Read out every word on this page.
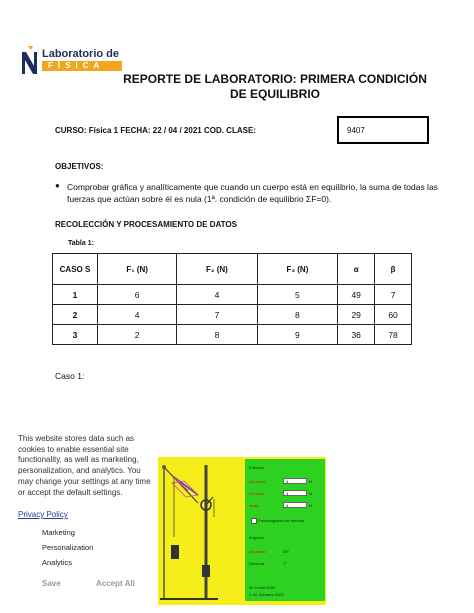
Laboratorio de
FÍSICA
REPORTE DE LABORATORIO: PRIMERA CONDICIÓN DE EQUILIBRIO
CURSO: Física 1 FECHA: 22 / 04 / 2021 COD. CLASE:	9407
OBJETIVOS:
● Comprobar gráfica y analíticamente que cuando un cuerpo está en equilibrio, la suma de todas las fuerzas que actúan sobre él es nula (1ª. condición de equilibrio ΣF=0).
RECOLECCIÓN Y PROCESAMIENTO DE DATOS
Tabla 1:
CASO S	F₁ (N)	F₂ (N)	F₃ (N)	α	β
1	6	4	5	49	7
2	4	7	8	29	60
3	2	8	9	36	78
Caso 1:
Fuerzas:
Izquierda	6	N
Derecha	4	N
Abajo	5	N
Paralelogramo de fuerzas
Ángulos:
Izquierda	49°
Derecha	7°
W. Fendt 2000
J. M. Zamarro 2001
This website stores data such as cookies to enable essential site functionality, as well as marketing, personalization, and analytics. You may change your settings at any time or accept the default settings.
Privacy Policy
Marketing
Personalization
Analytics
Save	Accept All
